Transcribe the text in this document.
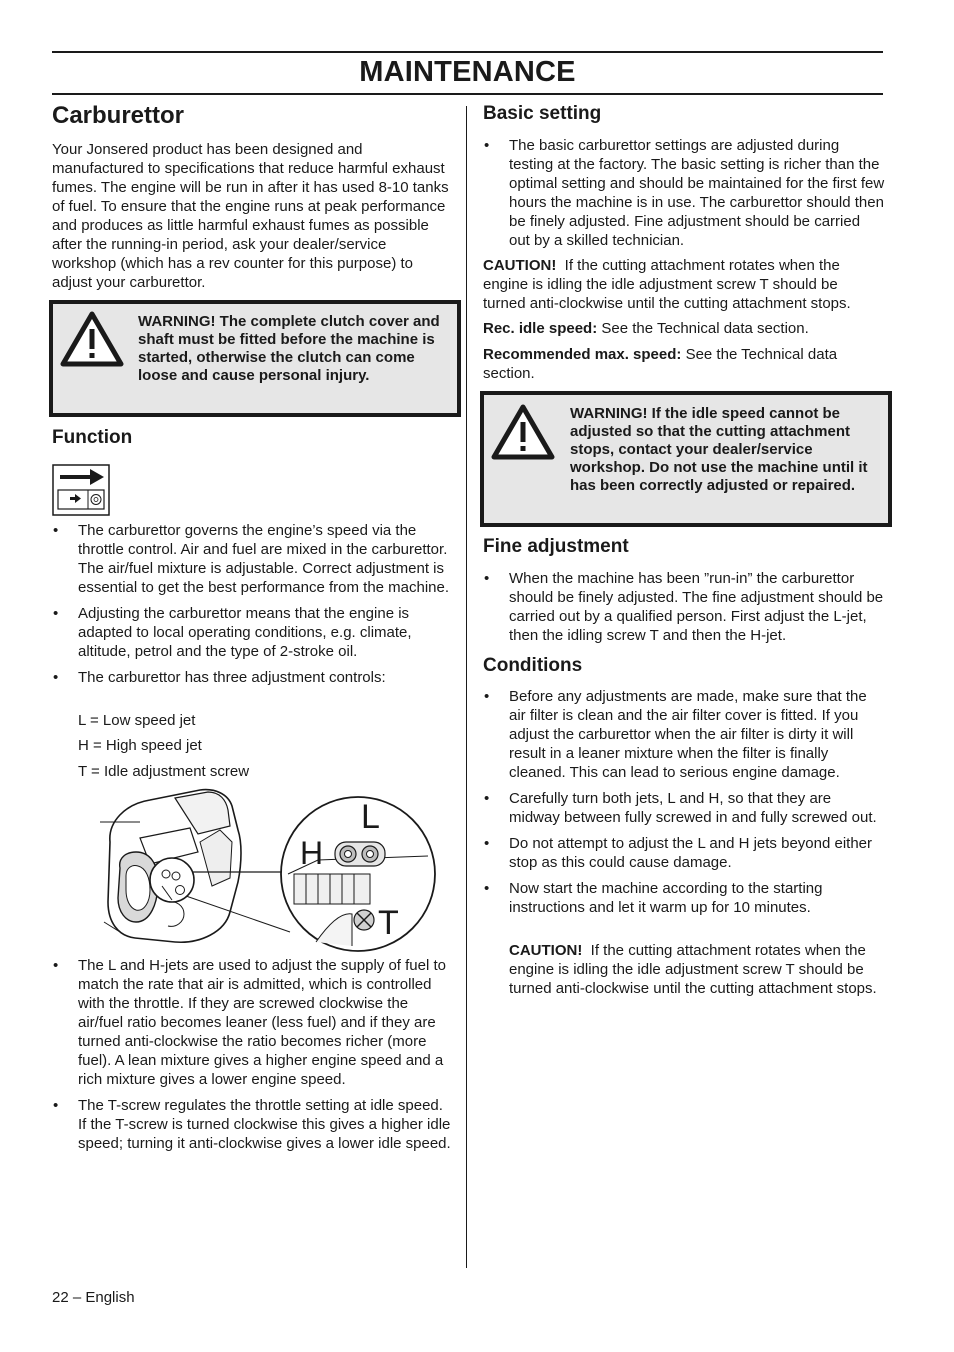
MAINTENANCE
Carburettor

Your Jonsered product has been designed and manufactured to specifications that reduce harmful exhaust fumes. The engine will be run in after it has used 8-10 tanks of fuel. To ensure that the engine runs at peak performance and produces as little harmful exhaust fumes as possible after the running-in period, ask your dealer/service workshop (which has a rev counter for this purpose) to adjust your carburettor.

WARNING! The complete clutch cover and shaft must be fitted before the machine is started, otherwise the clutch can come loose and cause personal injury.

Function
• The carburettor governs the engine’s speed via the throttle control. Air and fuel are mixed in the carburettor. The air/fuel mixture is adjustable. Correct adjustment is essential to get the best performance from the machine.
• Adjusting the carburettor means that the engine is adapted to local operating conditions, e.g. climate, altitude, petrol and the type of 2-stroke oil.
• The carburettor has three adjustment controls:

L = Low speed jet

H = High speed jet

T = Idle adjustment screw

L
H
T
• The L and H-jets are used to adjust the supply of fuel to match the rate that air is admitted, which is controlled with the throttle. If they are screwed clockwise the air/fuel ratio becomes leaner (less fuel) and if they are turned anti-clockwise the ratio becomes richer (more fuel). A lean mixture gives a higher engine speed and a rich mixture gives a lower engine speed.
• The T-screw regulates the throttle setting at idle speed. If the T-screw is turned clockwise this gives a higher idle speed; turning it anti-clockwise gives a lower idle speed.
Basic setting
• The basic carburettor settings are adjusted during testing at the factory. The basic setting is richer than the optimal setting and should be maintained for the first few hours the machine is in use. The carburettor should then be finely adjusted. Fine adjustment should be carried out by a skilled technician.

CAUTION! If the cutting attachment rotates when the engine is idling the idle adjustment screw T should be turned anti-clockwise until the cutting attachment stops.

Rec. idle speed: See the Technical data section.

Recommended max. speed: See the Technical data section.

WARNING! If the idle speed cannot be adjusted so that the cutting attachment stops, contact your dealer/service workshop. Do not use the machine until it has been correctly adjusted or repaired.

Fine adjustment
• When the machine has been ”run-in” the carburettor should be finely adjusted. The fine adjustment should be carried out by a qualified person. First adjust the L-jet, then the idling screw T and then the H-jet.
Conditions
• Before any adjustments are made, make sure that the air filter is clean and the air filter cover is fitted. If you adjust the carburettor when the air filter is dirty it will result in a leaner mixture when the filter is finally cleaned. This can lead to serious engine damage.
• Carefully turn both jets, L and H, so that they are midway between fully screwed in and fully screwed out.
• Do not attempt to adjust the L and H jets beyond either stop as this could cause damage.
• Now start the machine according to the starting instructions and let it warm up for 10 minutes.

CAUTION! If the cutting attachment rotates when the engine is idling the idle adjustment screw T should be turned anti-clockwise until the cutting attachment stops.

22 – English
